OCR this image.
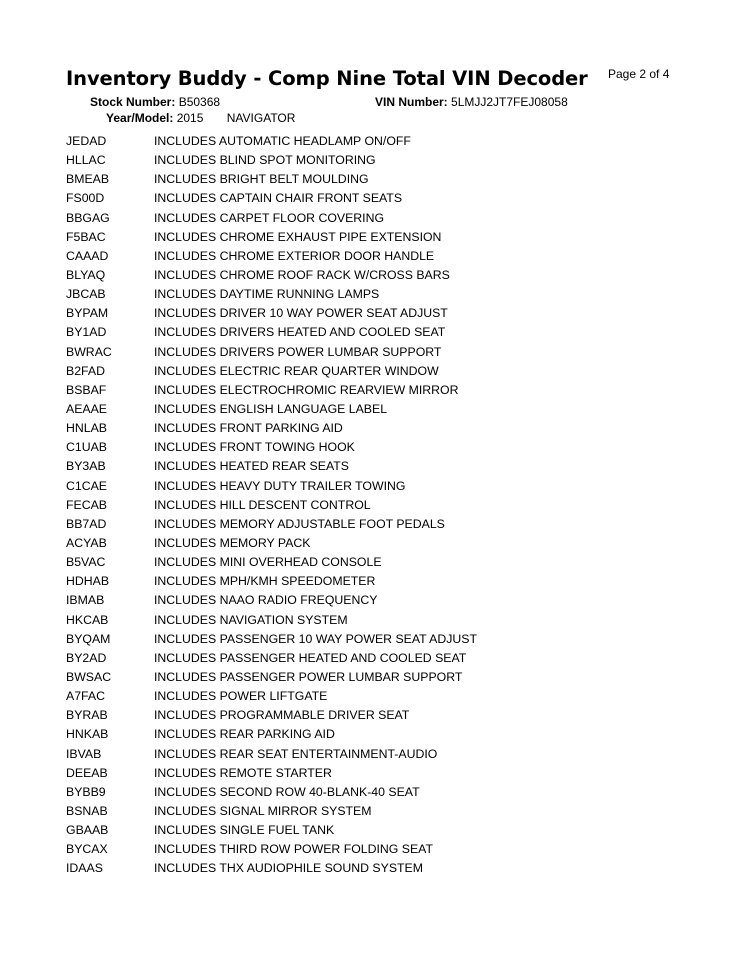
Inventory Buddy - Comp Nine Total VIN Decoder Page 2 of 4
Stock Number: B50368	VIN Number: 5LMJJ2JT7FEJ08058
Year/Model: 2015 NAVIGATOR
JEDAD	INCLUDES AUTOMATIC HEADLAMP ON/OFF
HLLAC	INCLUDES BLIND SPOT MONITORING
BMEAB	INCLUDES BRIGHT BELT MOULDING
FS00D	INCLUDES CAPTAIN CHAIR FRONT SEATS
BBGAG	INCLUDES CARPET FLOOR COVERING
F5BAC	INCLUDES CHROME EXHAUST PIPE EXTENSION
CAAAD	INCLUDES CHROME EXTERIOR DOOR HANDLE
BLYAQ	INCLUDES CHROME ROOF RACK W/CROSS BARS
JBCAB	INCLUDES DAYTIME RUNNING LAMPS
BYPAM	INCLUDES DRIVER 10 WAY POWER SEAT ADJUST
BY1AD	INCLUDES DRIVERS HEATED AND COOLED SEAT
BWRAC	INCLUDES DRIVERS POWER LUMBAR SUPPORT
B2FAD	INCLUDES ELECTRIC REAR QUARTER WINDOW
BSBAF	INCLUDES ELECTROCHROMIC REARVIEW MIRROR
AEAAE	INCLUDES ENGLISH LANGUAGE LABEL
HNLAB	INCLUDES FRONT PARKING AID
C1UAB	INCLUDES FRONT TOWING HOOK
BY3AB	INCLUDES HEATED REAR SEATS
C1CAE	INCLUDES HEAVY DUTY TRAILER TOWING
FECAB	INCLUDES HILL DESCENT CONTROL
BB7AD	INCLUDES MEMORY ADJUSTABLE FOOT PEDALS
ACYAB	INCLUDES MEMORY PACK
B5VAC	INCLUDES MINI OVERHEAD CONSOLE
HDHAB	INCLUDES MPH/KMH SPEEDOMETER
IBMAB	INCLUDES NAAO RADIO FREQUENCY
HKCAB	INCLUDES NAVIGATION SYSTEM
BYQAM	INCLUDES PASSENGER 10 WAY POWER SEAT ADJUST
BY2AD	INCLUDES PASSENGER HEATED AND COOLED SEAT
BWSAC	INCLUDES PASSENGER POWER LUMBAR SUPPORT
A7FAC	INCLUDES POWER LIFTGATE
BYRAB	INCLUDES PROGRAMMABLE DRIVER SEAT
HNKAB	INCLUDES REAR PARKING AID
IBVAB	INCLUDES REAR SEAT ENTERTAINMENT-AUDIO
DEEAB	INCLUDES REMOTE STARTER
BYBB9	INCLUDES SECOND ROW 40-BLANK-40 SEAT
BSNAB	INCLUDES SIGNAL MIRROR SYSTEM
GBAAB	INCLUDES SINGLE FUEL TANK
BYCAX	INCLUDES THIRD ROW POWER FOLDING SEAT
IDAAS	INCLUDES THX AUDIOPHILE SOUND SYSTEM
